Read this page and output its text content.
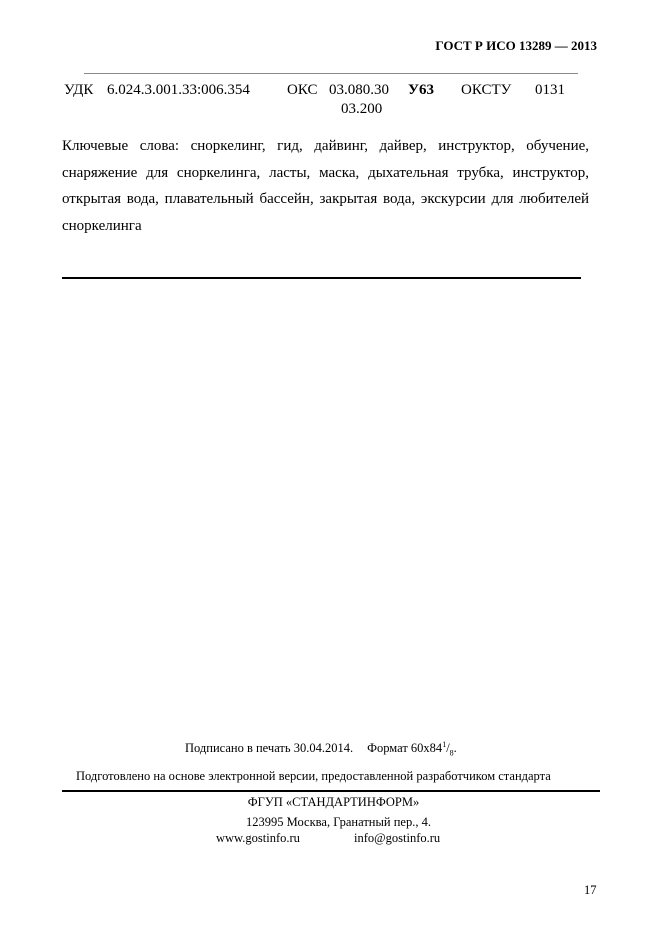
ГОСТ Р ИСО 13289 — 2013
УДК 6.024.3.001.33:006.354 ОКС 03.080.30
03.200
У63 ОКСТУ 0131
Ключевые слова: сноркелинг, гид, дайвинг, дайвер, инструктор, обучение, снаряжение для сноркелинга, ласты, маска, дыхательная трубка, инструктор, открытая вода, плавательный бассейн, закрытая вода, экскурсии для любителей сноркелинга
Подписано в печать 30.04.2014. Формат $60x84^1/_8$.
Подготовлено на основе электронной версии, предоставленной разработчиком стандарта
ФГУП «СТАНДАРТИНФОРМ»
123995 Москва, Гранатный пер., 4.
www.gostinfo.ru	info@gostinfo.ru
17
